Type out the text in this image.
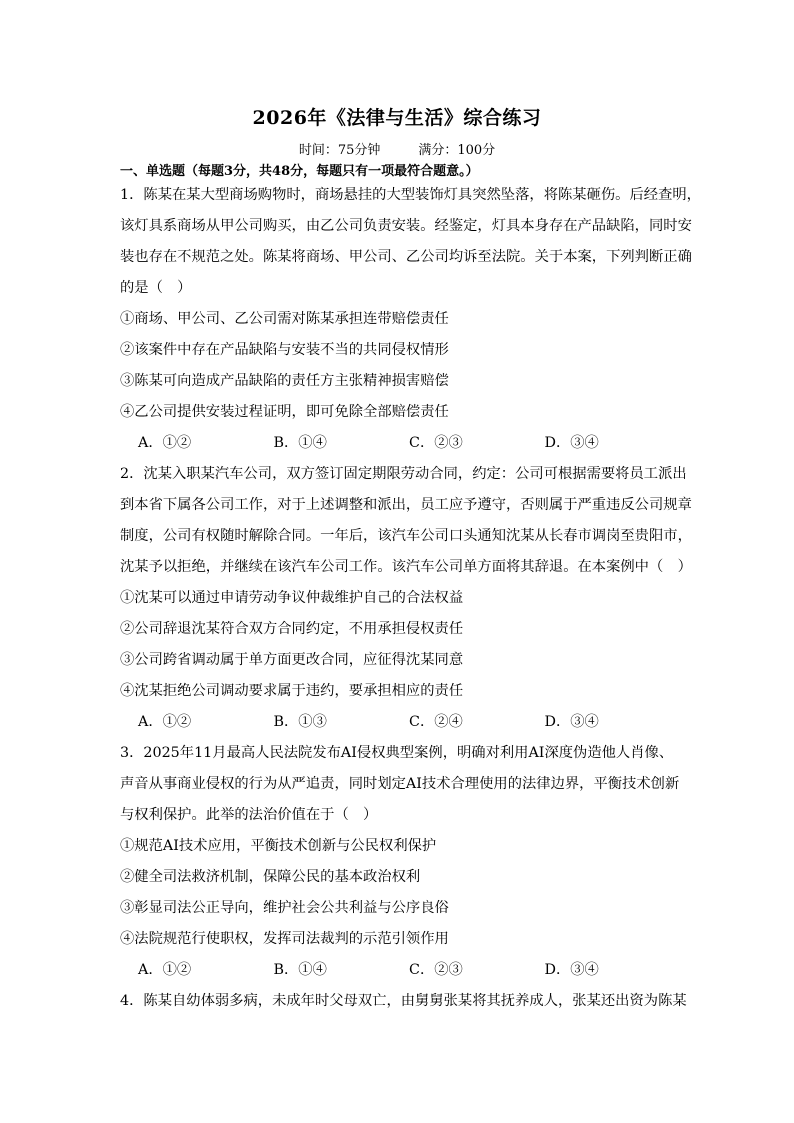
2026年《法律与生活》综合练习
时间：75分钟	满分：100分
一、单选题（每题3分，共48分，每题只有一项最符合题意。）

1．陈某在某大型商场购物时，商场悬挂的大型装饰灯具突然坠落，将陈某砸伤。后经查明，

该灯具系商场从甲公司购买，由乙公司负责安装。经鉴定，灯具本身存在产品缺陷，同时安

装也存在不规范之处。陈某将商场、甲公司、乙公司均诉至法院。关于本案，下列判断正确

的是（　）

①商场、甲公司、乙公司需对陈某承担连带赔偿责任

②该案件中存在产品缺陷与安装不当的共同侵权情形

③陈某可向造成产品缺陷的责任方主张精神损害赔偿

④乙公司提供安装过程证明，即可免除全部赔偿责任

A．①②	B．①④	C．②③	D．③④

2．沈某入职某汽车公司，双方签订固定期限劳动合同，约定：公司可根据需要将员工派出

到本省下属各公司工作，对于上述调整和派出，员工应予遵守，否则属于严重违反公司规章

制度，公司有权随时解除合同。一年后，该汽车公司口头通知沈某从长春市调岗至贵阳市，

沈某予以拒绝，并继续在该汽车公司工作。该汽车公司单方面将其辞退。在本案例中（　）

①沈某可以通过申请劳动争议仲裁维护自己的合法权益

②公司辞退沈某符合双方合同约定，不用承担侵权责任

③公司跨省调动属于单方面更改合同，应征得沈某同意

④沈某拒绝公司调动要求属于违约，要承担相应的责任

A．①②	B．①③	C．②④	D．③④

3．2025年11月最高人民法院发布AI侵权典型案例，明确对利用AI深度伪造他人肖像、

声音从事商业侵权的行为从严追责，同时划定AI技术合理使用的法律边界，平衡技术创新

与权利保护。此举的法治价值在于（　）

①规范AI技术应用，平衡技术创新与公民权利保护

②健全司法救济机制，保障公民的基本政治权利

③彰显司法公正导向，维护社会公共利益与公序良俗

④法院规范行使职权，发挥司法裁判的示范引领作用

A．①②	B．①④	C．②③	D．③④

4．陈某自幼体弱多病，未成年时父母双亡，由舅舅张某将其抚养成人，张某还出资为陈某
